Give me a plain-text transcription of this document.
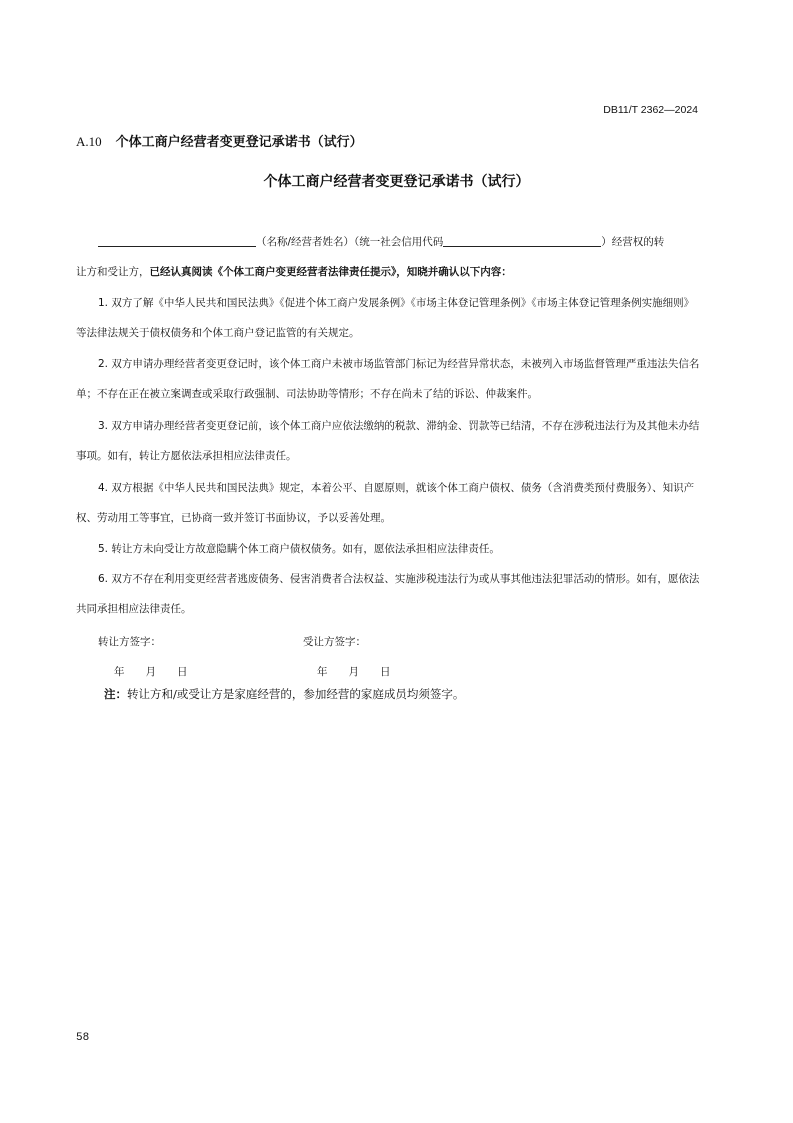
DB11/T 2362—2024
A.10 个体工商户经营者变更登记承诺书（试行）
个体工商户经营者变更登记承诺书（试行）

（名称/经营者姓名）（统一社会信用代码	）经营权的转
让方和受让方，已经认真阅读《个体工商户变更经营者法律责任提示》，知晓并确认以下内容：

1. 双方了解《中华人民共和国民法典》《促进个体工商户发展条例》《市场主体登记管理条例》《市场主体登记管理条例实施细则》等法律法规关于债权债务和个体工商户登记监管的有关规定。

2. 双方申请办理经营者变更登记时，该个体工商户未被市场监管部门标记为经营异常状态，未被列入市场监督管理严重违法失信名单；不存在正在被立案调查或采取行政强制、司法协助等情形；不存在尚未了结的诉讼、仲裁案件。

3. 双方申请办理经营者变更登记前，该个体工商户应依法缴纳的税款、滞纳金、罚款等已结清，不存在涉税违法行为及其他未办结事项。如有，转让方愿依法承担相应法律责任。

4. 双方根据《中华人民共和国民法典》规定，本着公平、自愿原则，就该个体工商户债权、债务（含消费类预付费服务）、知识产权、劳动用工等事宜，已协商一致并签订书面协议，予以妥善处理。

5. 转让方未向受让方故意隐瞒个体工商户债权债务。如有，愿依法承担相应法律责任。

6. 双方不存在利用变更经营者逃废债务、侵害消费者合法权益、实施涉税违法行为或从事其他违法犯罪活动的情形。如有，愿依法共同承担相应法律责任。

转让方签字：	受让方签字：
年　　月　　日	年　　月　　日
注：转让方和/或受让方是家庭经营的，参加经营的家庭成员均须签字。
58
